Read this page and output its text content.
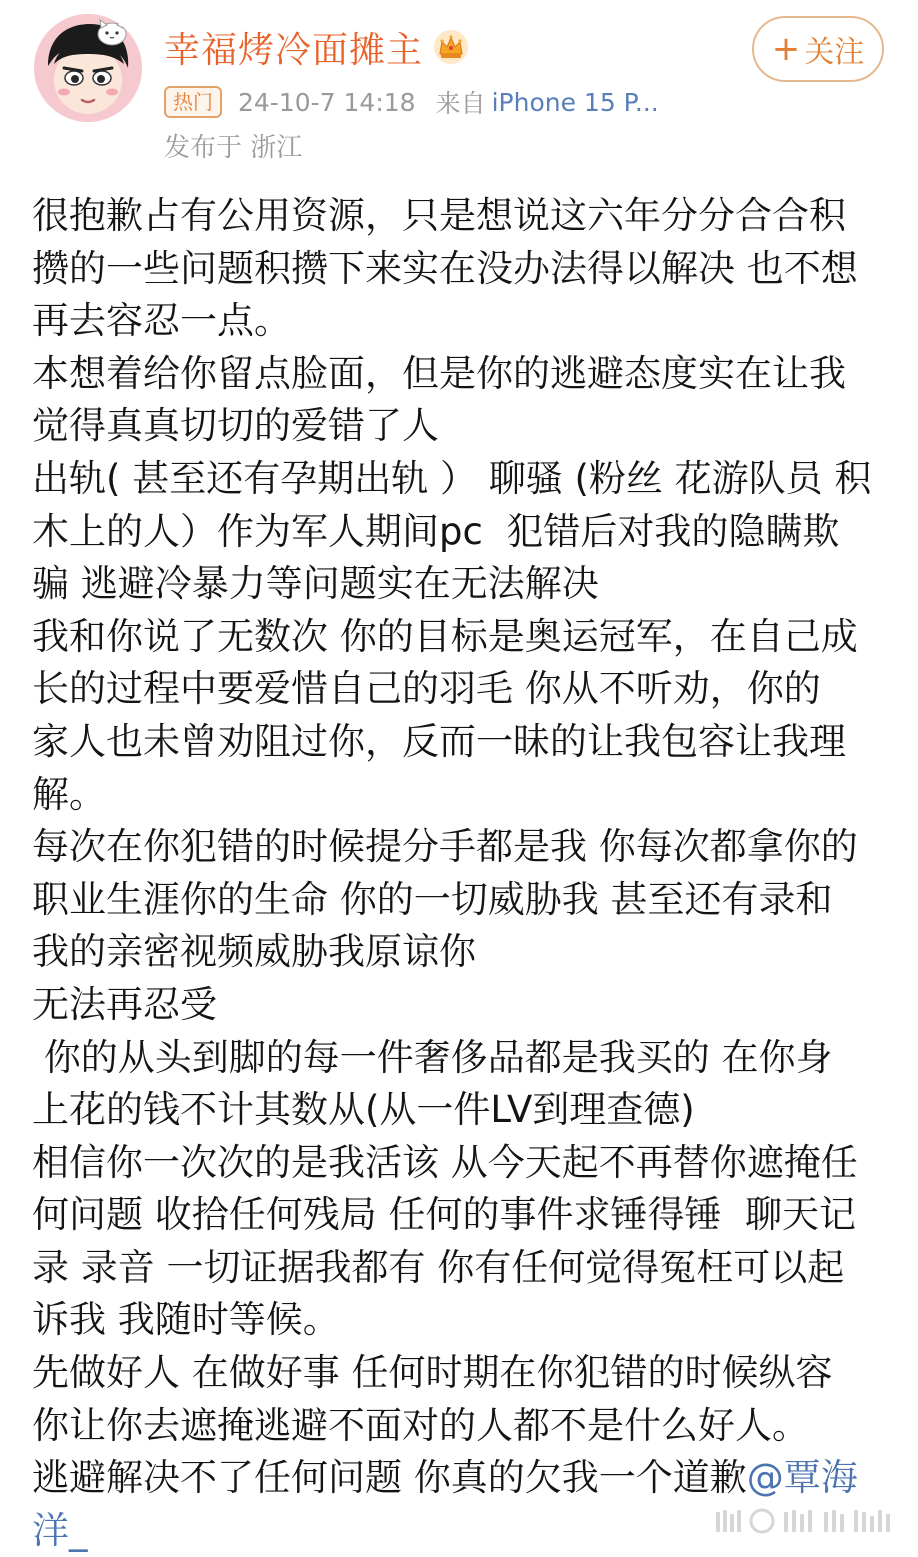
幸福烤冷面摊主
热门	24-10-7 14:18 来自 iPhone 15 P...
发布于 浙江
+ 关注
很抱歉占有公用资源，只是想说这六年分分合合积
攒的一些问题积攒下来实在没办法得以解决 也不想
再去容忍一点。
本想着给你留点脸面，但是你的逃避态度实在让我
觉得真真切切的爱错了人
出轨( 甚至还有孕期出轨 ） 聊骚 (粉丝 花游队员 积
木上的人）作为军人期间pc  犯错后对我的隐瞒欺
骗 逃避冷暴力等问题实在无法解决
我和你说了无数次 你的目标是奥运冠军，在自己成
长的过程中要爱惜自己的羽毛 你从不听劝，你的
家人也未曾劝阻过你，反而一昧的让我包容让我理
解。
每次在你犯错的时候提分手都是我 你每次都拿你的
职业生涯你的生命 你的一切威胁我 甚至还有录和
我的亲密视频威胁我原谅你
无法再忍受
你的从头到脚的每一件奢侈品都是我买的 在你身
上花的钱不计其数从(从一件LV到理查德)
相信你一次次的是我活该 从今天起不再替你遮掩任
何问题 收拾任何残局 任何的事件求锤得锤  聊天记
录 录音 一切证据我都有 你有任何觉得冤枉可以起
诉我 我随时等候。
先做好人 在做好事 任何时期在你犯错的时候纵容
你让你去遮掩逃避不面对的人都不是什么好人。
逃避解决不了任何问题 你真的欠我一个道歉@覃海
洋_
